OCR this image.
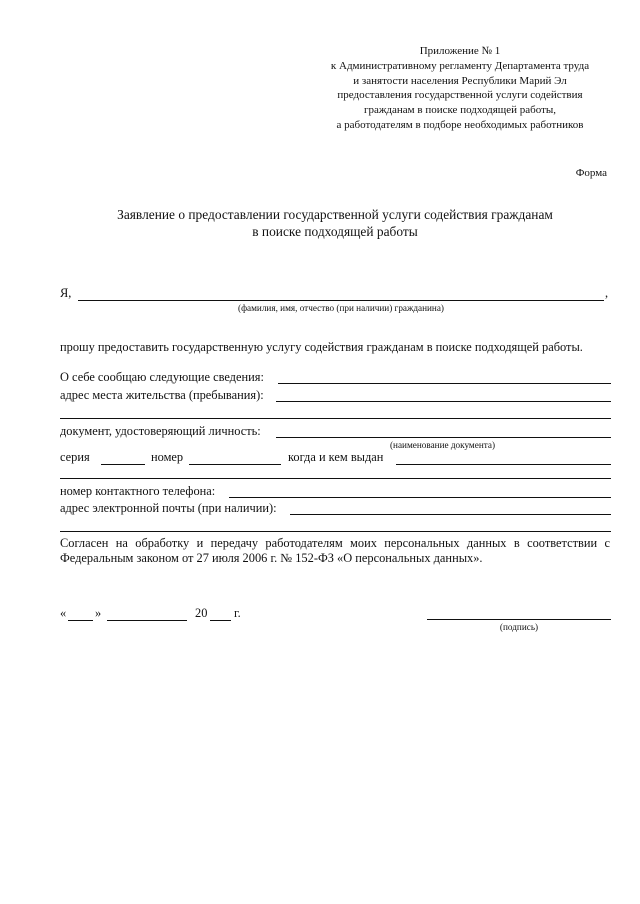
Приложение № 1
к Административному регламенту Департамента труда
и занятости населения Республики Марий Эл
предоставления государственной услуги содействия
гражданам в поиске подходящей работы,
а работодателям в подборе необходимых работников
Форма
Заявление о предоставлении государственной услуги содействия гражданам
в поиске подходящей работы
Я,	,
(фамилия, имя, отчество (при наличии) гражданина)
прошу предоставить государственную услугу содействия гражданам в поиске подходящей работы.
О себе сообщаю следующие сведения:
адрес места жительства (пребывания):
документ, удостоверяющий личность:
(наименование документа)
серия	номер	когда и кем выдан
номер контактного телефона:
адрес электронной почты (при наличии):
Согласен на обработку и передачу работодателям моих персональных данных в соответствии с Федеральным законом от 27 июля 2006 г. № 152-ФЗ «О персональных данных».
« »	20 г.
(подпись)
